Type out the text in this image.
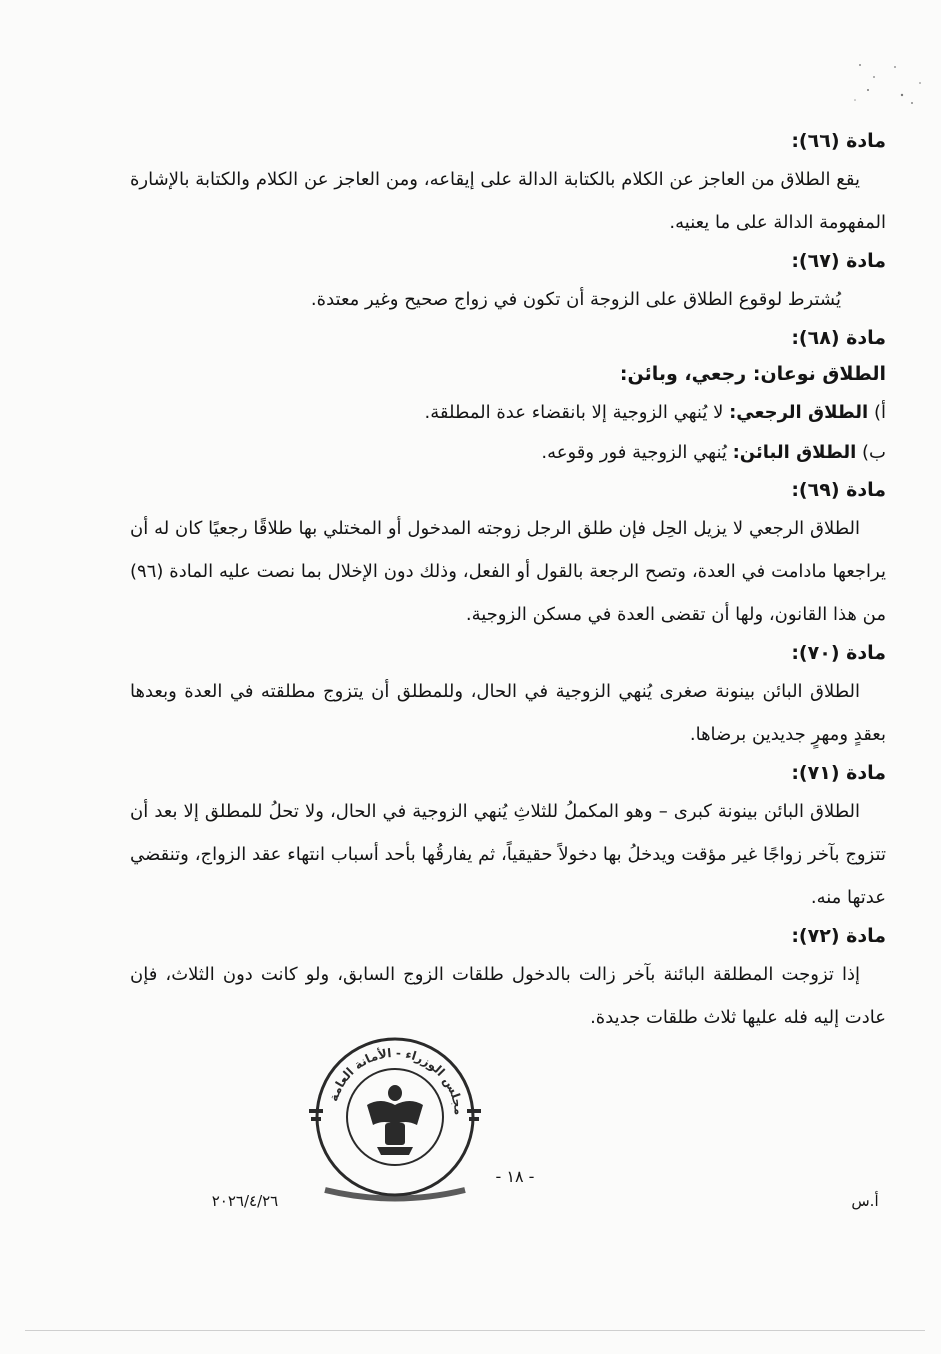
مادة (٦٦):

يقع الطلاق من العاجز عن الكلام بالكتابة الدالة على إيقاعه، ومن العاجز عن الكلام والكتابة بالإشارة المفهومة الدالة على ما يعنيه.

مادة (٦٧):

يُشترط لوقوع الطلاق على الزوجة أن تكون في زواج صحيح وغير معتدة.

مادة (٦٨):
الطلاق نوعان: رجعي، وبائن:
أ) الطلاق الرجعي: لا يُنهي الزوجية إلا بانقضاء عدة المطلقة.
ب) الطلاق البائن: يُنهي الزوجية فور وقوعه.
مادة (٦٩):

الطلاق الرجعي لا يزيل الحِل فإن طلق الرجل زوجته المدخول أو المختلي بها طلاقًا رجعيًا كان له أن يراجعها مادامت في العدة، وتصح الرجعة بالقول أو الفعل، وذلك دون الإخلال بما نصت عليه المادة (٩٦) من هذا القانون، ولها أن تقضى العدة في مسكن الزوجية.

مادة (٧٠):

الطلاق البائن بينونة صغرى يُنهي الزوجية في الحال، وللمطلق أن يتزوج مطلقته في العدة وبعدها بعقدٍ ومهرٍ جديدين برضاها.

مادة (٧١):

الطلاق البائن بينونة كبرى – وهو المكملُ للثلاثِ يُنهي الزوجية في الحال، ولا تحلُ للمطلق إلا بعد أن تتزوج بآخر زواجًا غير مؤقت ويدخلُ بها دخولاً حقيقياً، ثم يفارقُها بأحد أسباب انتهاء عقد الزواج، وتنقضي عدتها منه.

مادة (٧٢):

إذا تزوجت المطلقة البائنة بآخر زالت بالدخول طلقات الزوج السابق، ولو كانت دون الثلاث، فإن عادت إليه فله عليها ثلاث طلقات جديدة.

مجلس الوزراء - الأمانة العامة
- ١٨ -
٢٠٢٦/٤/٢٦	أ.س
